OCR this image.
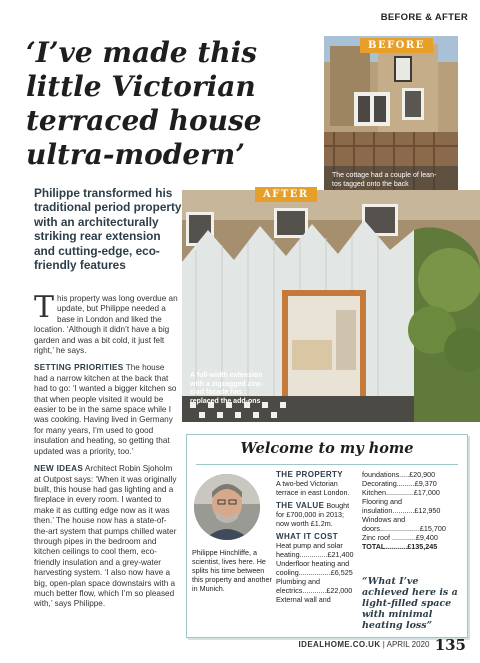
BEFORE & AFTER
‘I’ve made this little Victorian terraced house ultra-modern’
BEFORE
The cottage had a couple of lean-tos tagged onto the back
Philippe transformed his traditional period property with an architecturally striking rear extension and cutting-edge, eco-friendly features
AFTER
A full-width extension with a zigzagged zinc-clad facade has replaced the add-ons

T his property was long overdue an update, but Philippe needed a base in London and liked the location. ‘Although it didn’t have a big garden and was a bit cold, it just felt right,’ he says.

SETTING PRIORITIES The house had a narrow kitchen at the back that had to go: ‘I wanted a bigger kitchen so that when people visited it would be easier to be in the same space while I was cooking. Having lived in Germany for many years, I’m used to good insulation and heating, so getting that updated was a priority, too.’

NEW IDEAS Architect Robin Sjoholm at Outpost says: ‘When it was originally built, this house had gas lighting and a fireplace in every room. I wanted to make it as cutting edge now as it was then.’ The house now has a state-of-the-art system that pumps chilled water through pipes in the bedroom and kitchen ceilings to cool them, eco-friendly insulation and a grey-water harvesting system. ‘I also now have a big, open-plan space downstairs with a much better flow, which I’m so pleased with,’ says Philippe.

Welcome to my home
Philippe Hinchliffe, a scientist, lives here. He splits his time between this property and another in Munich.
THE PROPERTY
A two-bed Victorian terrace in east London.
THE VALUE Bought for £700,000 in 2013; now worth £1.2m.
WHAT IT COST
Heat pump and solar
heating..............£21,400
Underfloor heating and
cooling................£6,525
Plumbing and
electrics............£22,000
External wall and
foundations.....£20,900
Decorating.........£9,370
Kitchen..............£17,000
Flooring and
insulation...........£12,950
Windows and
doors....................£15,700
Zinc roof ............£9,400
TOTAL...........£135,245
“What I’ve achieved here is a light-filled space with minimal heating loss”
IDEALHOME.CO.UK | APRIL 2020 135
